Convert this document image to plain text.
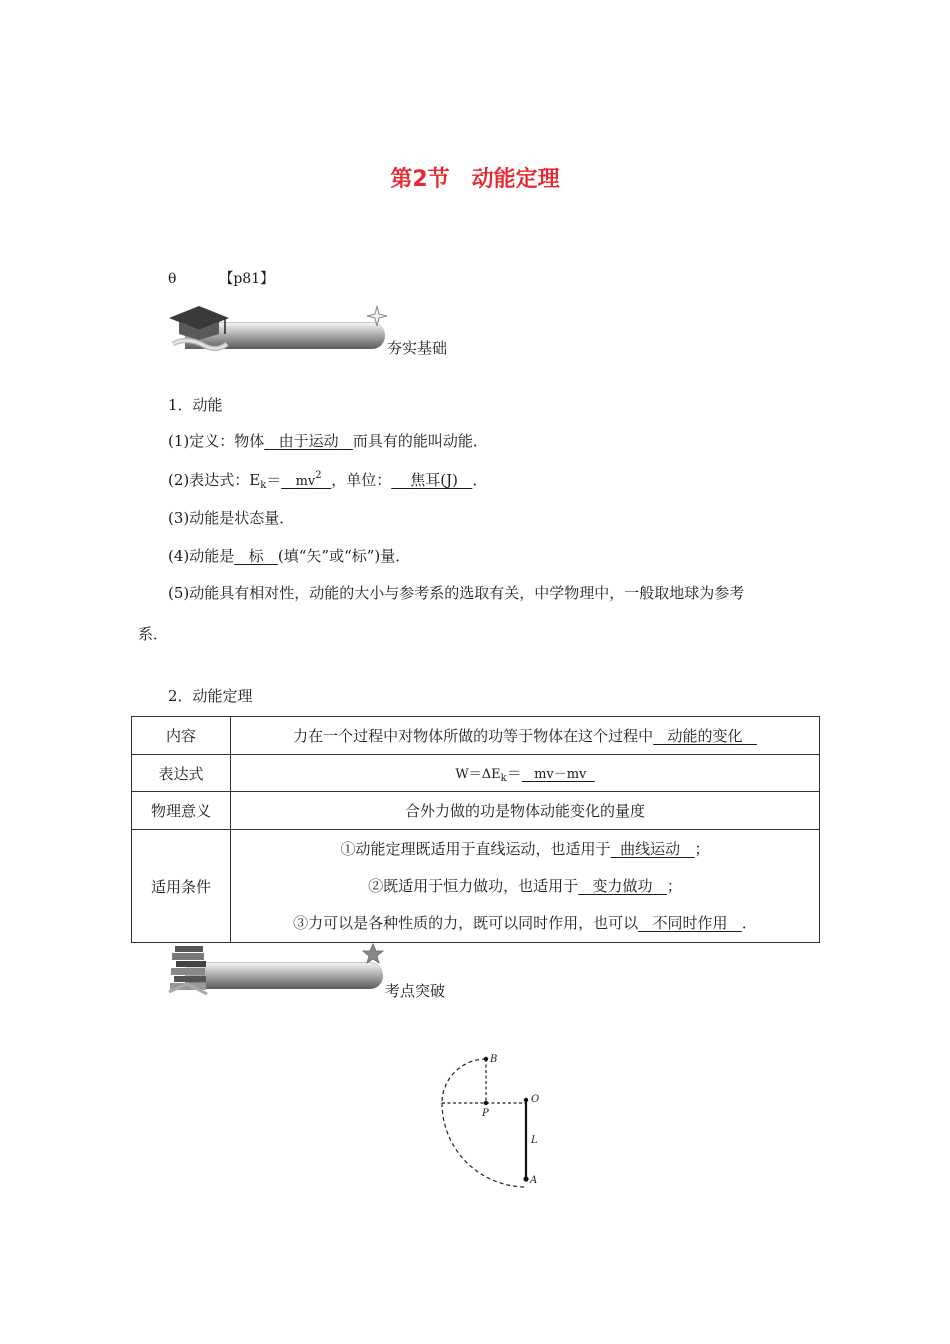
第2节　动能定理
θ	【p81】
夯实基础
1．动能
(1)定义：物体 由于运动 而具有的能叫动能．
(2)表达式：$E_k= mv^2$ ，单位： 焦耳(J) ．
(3)动能是状态量．
(4)动能是 标 (填“矢”或“标”)量．
(5)动能具有相对性，动能的大小与参考系的选取有关，中学物理中，一般取地球为参考
系．
2．动能定理
内容	力在一个过程中对物体所做的功等于物体在这个过程中 动能的变化
表达式	$W=\Delta E_k= mv-mv$
物理意义	合外力做的功是物体动能变化的量度
适用条件	①动能定理既适用于直线运动，也适用于 曲线运动 ；
②既适用于恒力做功，也适用于 变力做功 ；
③力可以是各种性质的力，既可以同时作用，也可以 不同时作用 ．
考点突破
B
O
P
L
A
